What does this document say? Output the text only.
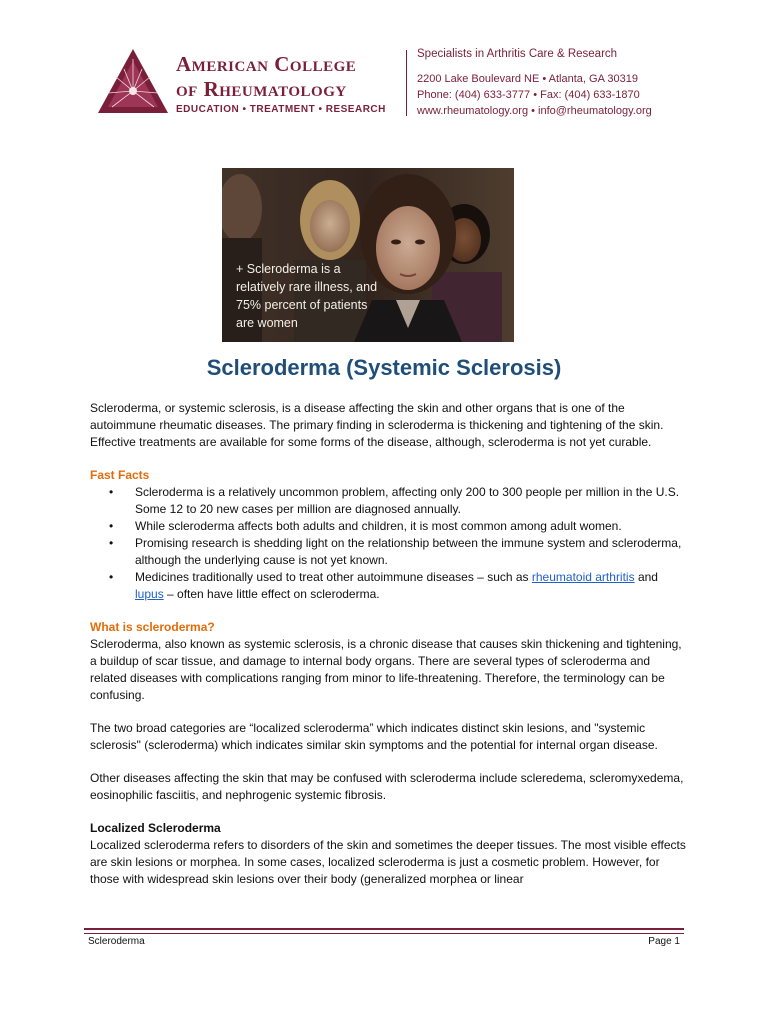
American College
of Rheumatology
EDUCATION • TREATMENT • RESEARCH
Specialists in Arthritis Care & Research
2200 Lake Boulevard NE • Atlanta, GA 30319
Phone: (404) 633-3777 • Fax: (404) 633-1870
www.rheumatology.org • info@rheumatology.org
+ Scleroderma is a relatively rare illness, and 75% percent of patients are women
Scleroderma (Systemic Sclerosis)

Scleroderma, or systemic sclerosis, is a disease affecting the skin and other organs that is one of the autoimmune rheumatic diseases. The primary finding in scleroderma is thickening and tightening of the skin. Effective treatments are available for some forms of the disease, although, scleroderma is not yet curable.

Fast Facts
• Scleroderma is a relatively uncommon problem, affecting only 200 to 300 people per million in the U.S. Some 12 to 20 new cases per million are diagnosed annually.
• While scleroderma affects both adults and children, it is most common among adult women.
• Promising research is shedding light on the relationship between the immune system and scleroderma, although the underlying cause is not yet known.
• Medicines traditionally used to treat other autoimmune diseases – such as rheumatoid arthritis and lupus – often have little effect on scleroderma.
What is scleroderma?

Scleroderma, also known as systemic sclerosis, is a chronic disease that causes skin thickening and tightening, a buildup of scar tissue, and damage to internal body organs. There are several types of scleroderma and related diseases with complications ranging from minor to life-threatening. Therefore, the terminology can be confusing.

The two broad categories are “localized scleroderma” which indicates distinct skin lesions, and "systemic sclerosis" (scleroderma) which indicates similar skin symptoms and the potential for internal organ disease.

Other diseases affecting the skin that may be confused with scleroderma include scleredema, scleromyxedema, eosinophilic fasciitis, and nephrogenic systemic fibrosis.

Localized Scleroderma

Localized scleroderma refers to disorders of the skin and sometimes the deeper tissues. The most visible effects are skin lesions or morphea. In some cases, localized scleroderma is just a cosmetic problem. However, for those with widespread skin lesions over their body (generalized morphea or linear

Scleroderma	Page 1
